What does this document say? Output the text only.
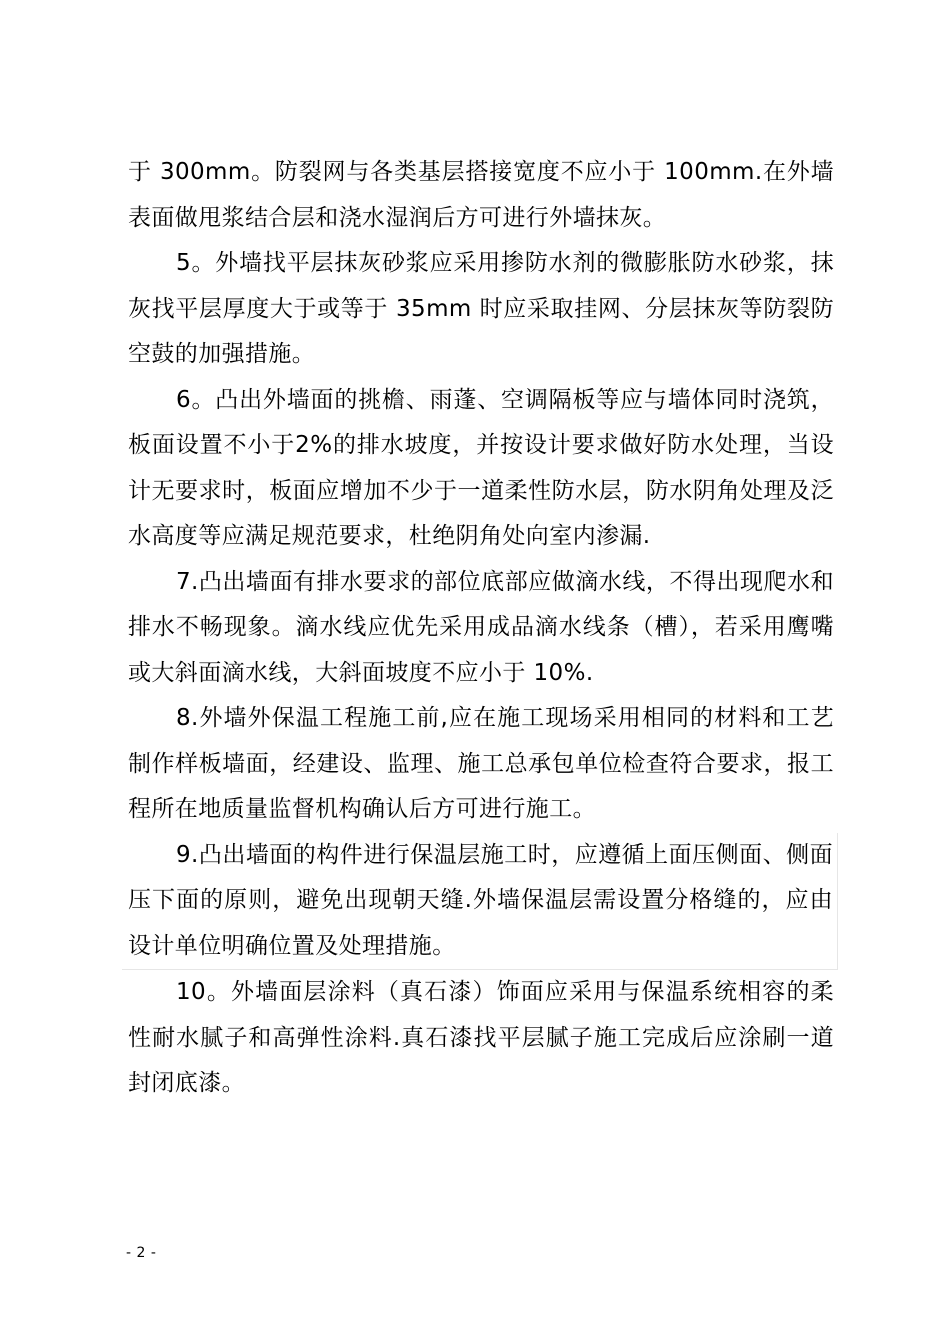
于 300mm。防裂网与各类基层搭接宽度不应小于 100mm.在外墙表面做甩浆结合层和浇水湿润后方可进行外墙抹灰。

5。外墙找平层抹灰砂浆应采用掺防水剂的微膨胀防水砂浆，抹灰找平层厚度大于或等于 35mm 时应采取挂网、分层抹灰等防裂防空鼓的加强措施。

6。凸出外墙面的挑檐、雨蓬、空调隔板等应与墙体同时浇筑，板面设置不小于2%的排水坡度，并按设计要求做好防水处理，当设计无要求时，板面应增加不少于一道柔性防水层，防水阴角处理及泛水高度等应满足规范要求，杜绝阴角处向室内渗漏.

7.凸出墙面有排水要求的部位底部应做滴水线，不得出现爬水和排水不畅现象。滴水线应优先采用成品滴水线条（槽），若采用鹰嘴或大斜面滴水线，大斜面坡度不应小于 10%.

8.外墙外保温工程施工前,应在施工现场采用相同的材料和工艺制作样板墙面，经建设、监理、施工总承包单位检查符合要求，报工程所在地质量监督机构确认后方可进行施工。

9.凸出墙面的构件进行保温层施工时，应遵循上面压侧面、侧面压下面的原则，避免出现朝天缝.外墙保温层需设置分格缝的，应由设计单位明确位置及处理措施。

10。外墙面层涂料（真石漆）饰面应采用与保温系统相容的柔性耐水腻子和高弹性涂料.真石漆找平层腻子施工完成后应涂刷一道封闭底漆。

- 2 -
